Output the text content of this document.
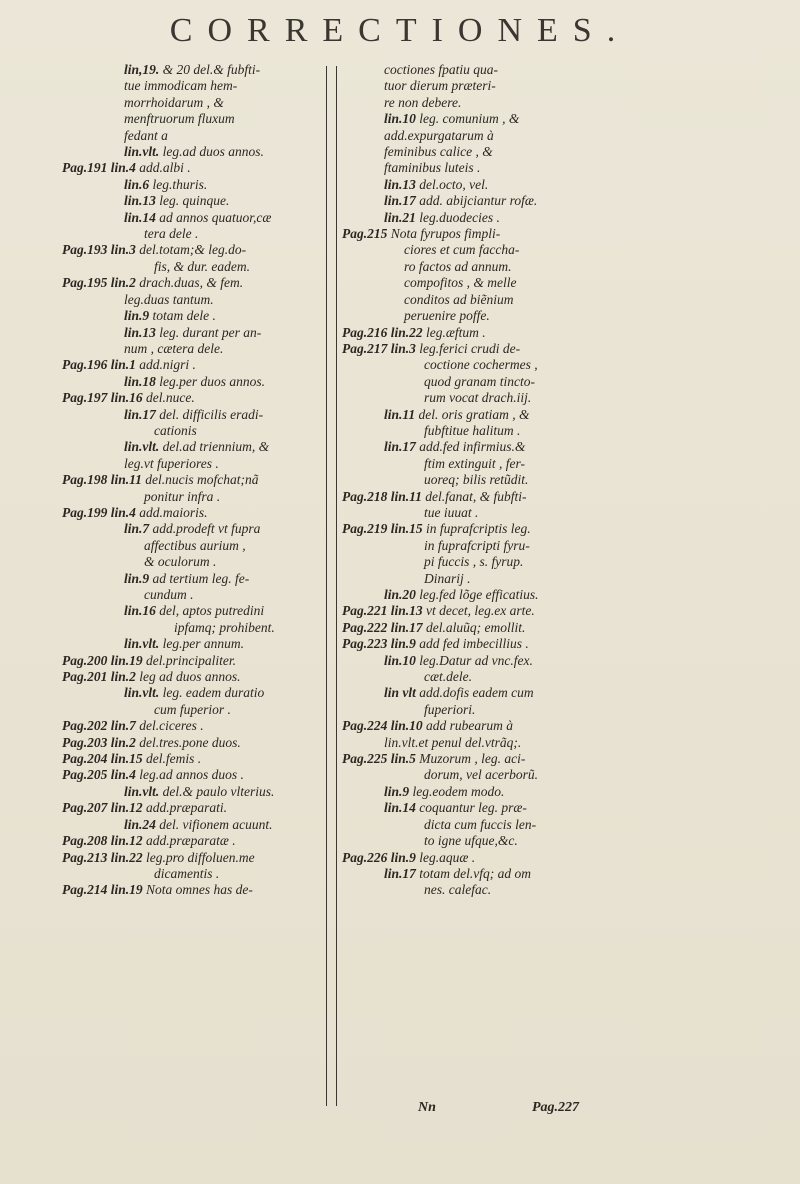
CORRECTIONES.
lin,19. & 20 del.& fubfti-
tue immodicam hem-
morrhoidarum , &
menftruorum fluxum
fedant a
lin.vlt. leg.ad duos annos.
Pag.191 lin.4 add.albi .
lin.6 leg.thuris.
lin.13 leg. quinque.
lin.14 ad annos quatuor,cæ
tera dele .
Pag.193 lin.3 del.totam;& leg.do-
fis, & dur. eadem.
Pag.195 lin.2 drach.duas, & fem.
leg.duas tantum.
lin.9 totam dele .
lin.13 leg. durant per an-
num , cætera dele.
Pag.196 lin.1 add.nigri .
lin.18 leg.per duos annos.
Pag.197 lin.16 del.nuce.
lin.17 del. difficilis eradi-
cationis
lin.vlt. del.ad triennium, &
leg.vt fuperiores .
Pag.198 lin.11 del.nucis mofchat;nã
ponitur infra .
Pag.199 lin.4 add.maioris.
lin.7 add.prodeft vt fupra
affectibus aurium ,
& oculorum .
lin.9 ad tertium leg. fe-
cundum .
lin.16 del, aptos putredini
ipfamq; prohibent.
lin.vlt. leg.per annum.
Pag.200 lin.19 del.principaliter.
Pag.201 lin.2 leg ad duos annos.
lin.vlt. leg. eadem duratio
cum fuperior .
Pag.202 lin.7 del.ciceres .
Pag.203 lin.2 del.tres.pone duos.
Pag.204 lin.15 del.femis .
Pag.205 lin.4 leg.ad annos duos .
lin.vlt. del.& paulo vlterius.
Pag.207 lin.12 add.præparati.
lin.24 del. vifionem acuunt.
Pag.208 lin.12 add.præparatæ .
Pag.213 lin.22 leg.pro diffoluen.me
dicamentis .
Pag.214 lin.19 Nota omnes has de-
coctiones fpatiu qua-
tuor dierum præteri-
re non debere.
lin.10 leg. comunium , &
add.expurgatarum à
feminibus calice , &
ftaminibus luteis .
lin.13 del.octo, vel.
lin.17 add. abijciantur rofæ.
lin.21 leg.duodecies .
Pag.215 Nota fyrupos fimpli-
ciores et cum faccha-
ro factos ad annum.
compofitos , & melle
conditos ad biẽnium
peruenire poffe.
Pag.216 lin.22 leg.æftum .
Pag.217 lin.3 leg.ferici crudi de-
coctione cochermes ,
quod granam tincto-
rum vocat drach.iij.
lin.11 del. oris gratiam , &
fubftitue halitum .
lin.17 add.fed infirmius.&
ftim extinguit , fer-
uoreq; bilis retũdit.
Pag.218 lin.11 del.fanat, & fubfti-
tue iuuat .
Pag.219 lin.15 in fuprafcriptis leg.
in fuprafcripti fyru-
pi fuccis , s. fyrup.
Dinarij .
lin.20 leg.fed lõge efficatius.
Pag.221 lin.13 vt decet, leg.ex arte.
Pag.222 lin.17 del.aluũq; emollit.
Pag.223 lin.9 add fed imbecillius .
lin.10 leg.Datur ad vnc.fex.
cæt.dele.
lin vlt add.dofis eadem cum
fuperiori.
Pag.224 lin.10 add rubearum à
lin.vlt.et penul del.vtrãq;.
Pag.225 lin.5 Muzorum , leg. aci-
dorum, vel acerborũ.
lin.9 leg.eodem modo.
lin.14 coquantur leg. præ-
dicta cum fuccis len-
to igne ufque,&c.
Pag.226 lin.9 leg.aquæ .
lin.17 totam del.vfq; ad om
nes. calefac.
Nn	Pag.227
